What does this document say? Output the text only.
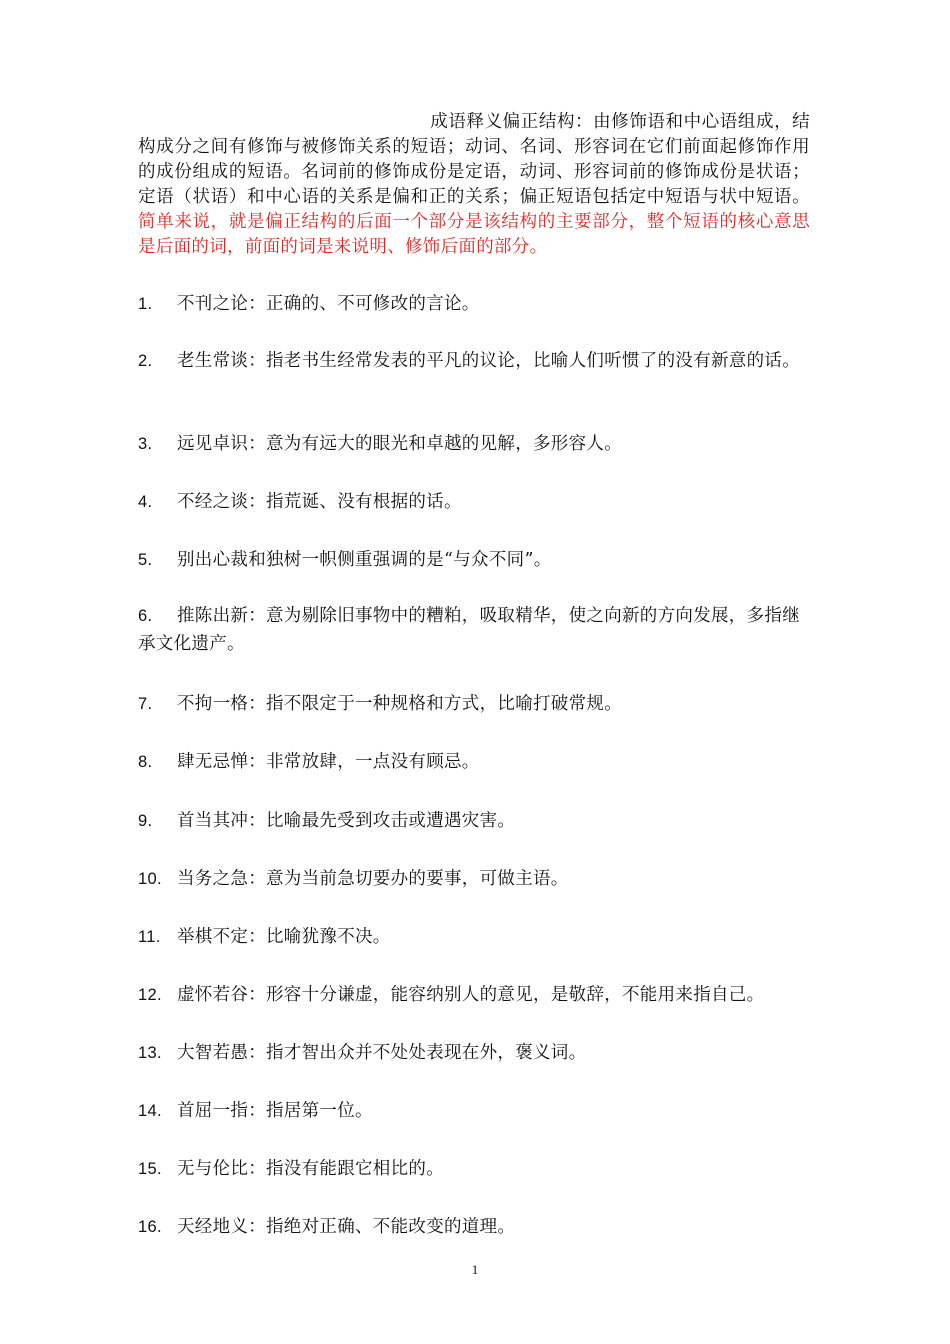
成语释义偏正结构：由修饰语和中心语组成，结构成分之间有修饰与被修饰关系的短语；动词、名词、形容词在它们前面起修饰作用的成份组成的短语。名词前的修饰成份是定语，动词、形容词前的修饰成份是状语；定语（状语）和中心语的关系是偏和正的关系；偏正短语包括定中短语与状中短语。简单来说，就是偏正结构的后面一个部分是该结构的主要部分，整个短语的核心意思是后面的词，前面的词是来说明、修饰后面的部分。
1. 不刊之论：正确的、不可修改的言论。
2. 老生常谈：指老书生经常发表的平凡的议论，比喻人们听惯了的没有新意的话。
3. 远见卓识：意为有远大的眼光和卓越的见解，多形容人。
4. 不经之谈：指荒诞、没有根据的话。
5. 别出心裁和独树一帜侧重强调的是“与众不同”。
6. 推陈出新：意为剔除旧事物中的糟粕，吸取精华，使之向新的方向发展，多指继承文化遗产。
7. 不拘一格：指不限定于一种规格和方式，比喻打破常规。
8. 肆无忌惮：非常放肆，一点没有顾忌。
9. 首当其冲：比喻最先受到攻击或遭遇灾害。
10. 当务之急：意为当前急切要办的要事，可做主语。
11. 举棋不定：比喻犹豫不决。
12. 虚怀若谷：形容十分谦虚，能容纳别人的意见，是敬辞，不能用来指自己。
13. 大智若愚：指才智出众并不处处表现在外，褒义词。
14. 首屈一指：指居第一位。
15. 无与伦比：指没有能跟它相比的。
16. 天经地义：指绝对正确、不能改变的道理。
1
